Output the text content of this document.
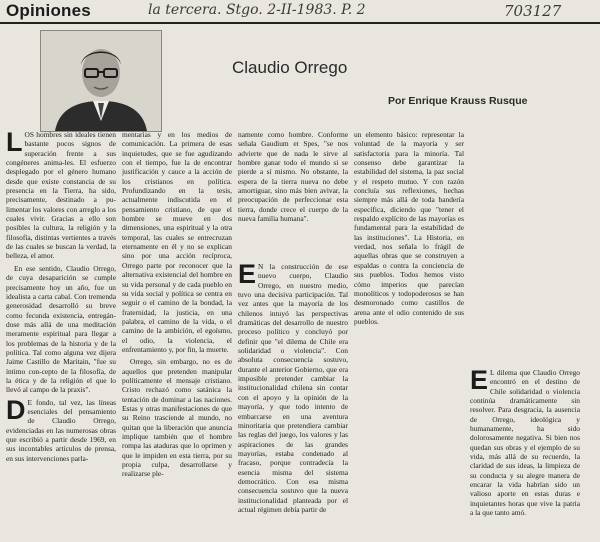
Opiniones	la tercera. Stgo. 2-II-1983. P. 2	703127
Claudio Orrego
Por Enrique Krauss Rusque

LOS hombres sin ideales tienen bastante pocos signos de superación frente a sus congéneres anima-les. El esfuerzo desplegado por el género humano desde que existe constancia de su presencia en la Tierra, ha sido, precisamente, destinado a pu-limentar los valores con arreglo a los cuales vivir. Gracias a ello son posibles la cultura, la religión y la filosofía, distintas vertientes a través de las cuales se buscan la verdad, la belleza, el amor.

En ese sentido, Claudio Orrego, de cuya desaparición se cumple precisamente hoy un año, fue un idealista a carta cabal. Con tremenda generosidad desarrolló su breve como fecunda existencia, entregán-dose más allá de una meditación meramente espiritual para llegar a los problemas de la historia y de la política. Tal como alguna vez dijera Jaime Castillo de Maritain, "fue su íntimo con-cepto de la filosofía, de la ética y de la religión el que lo llevó al campo de la praxis".

DE fondo, tal vez, las líneas esenciales del pensamiento de Claudio Orrego, evidenciadas en las numerosas obras que escribió a partir desde 1969, en sus incontables artículos de prensa, en sus intervenciones parla-

mentarias y en los medios de comunicación. La primera de esas inquietudes, que se fue agudizando con el tiempo, fue la de encontrar justificación y cauce a la acción de los cristianos en política. Profundizando en la tesis, actualmente indiscutida en el pensamiento cristiano, de que el hombre se mueve en dos dimensiones, una espiritual y la otra temporal, las cuales se entrecruzan eternamente en él y no se explican sino por una acción recíproca, Orrego parte por reconocer que la alternativa existencial del hombre en su vida personal y de cada pueblo en su vida social y política se centra en seguir o el camino de la bondad, la fraternidad, la justicia, en una palabra, el camino de la vida, o el camino de la ambición, el egoísmo, el odio, la violencia, el enfrentamiento y, por fin, la muerte.

Orrego, sin embargo, no es de aquellos que pretenden manipular políticamente el mensaje cristiano. Cristo rechazó como satánica la tentación de dominar a las naciones. Estas y otras manifestaciones de que su Reino trasciende al mundo, no quitan que la liberación que anuncia implique también que el hombre rompa las ataduras que lo oprimen y que le impiden en esta tierra, por su propia culpa, desarrollarse y realizarse ple-

namente como hombre. Conforme señala Gaudium et Spes, "se nos advierte que de nada le sirve al hombre ganar todo el mundo si se pierde a sí mismo. No obstante, la espera de la tierra nueva no debe amortiguar, sino más bien avivar, la preocupación de perfeccionar esta tierra, donde crece el cuerpo de la nueva familia humana".

EN la construcción de ese nuevo cuerpo, Claudio Orrego, en nuestro medio, tuvo una decisiva participación. Tal vez antes que la mayoría de los chilenos intuyó las perspectivas dramáticas del desarrollo de nuestro proceso político y concluyó por definir que "el dilema de Chile era solidaridad o violencia". Con absoluta consecuencia sostuvo, durante el anterior Gobierno, que era imposible pretender cambiar la institucionalidad chilena sin contar con el apoyo y la opinión de la mayoría, y que todo intento de embarcarse en una aventura minoritaria que pretendiera cambiar las reglas del juego, los valores y las aspiraciones de las grandes mayorías, estaba condenado al fracaso, porque contradecía la esencia misma del sistema democrático. Con esa misma consecuencia sostuvo que la nueva institucionalidad planteada por el actual régimen debía partir de

un elemento básico: representar la voluntad de la mayoría y ser satisfactoria para la minoría. Tal consenso debe garantizar la estabilidad del sistema, la paz social y el respeto mutuo. Y con razón concluía sus reflexiones, hechas siempre más allá de toda bandería específica, diciendo que "tener el respaldo explícito de las mayorías es fundamental para la estabilidad de las instituciones". La Historia, en verdad, nos señala lo frágil de aquellas obras que se construyen a espaldas o contra la conciencia de sus pueblos. Todos hemos visto cómo imperios que parecían monolíticos y todopoderosos se han desmoronado como castillos de arena ante el odio contenido de sus pueblos.

EL dilema que Claudio Orrego encontró en el destino de Chile solidaridad o violencia continúa dramáticamente sin resolver. Para desgracia, la ausencia de Orrego, ideológica y humanamente, ha sido dolorosamente negativa. Si bien nos quedan sus obras y el ejemplo de su vida, más allá de su recuerdo, la claridad de sus ideas, la limpieza de su conducta y su alegre manera de encarar la vida habrían sido un valioso aporte en estas duras e inquietantes horas que vive la patria a la que tanto amó.
